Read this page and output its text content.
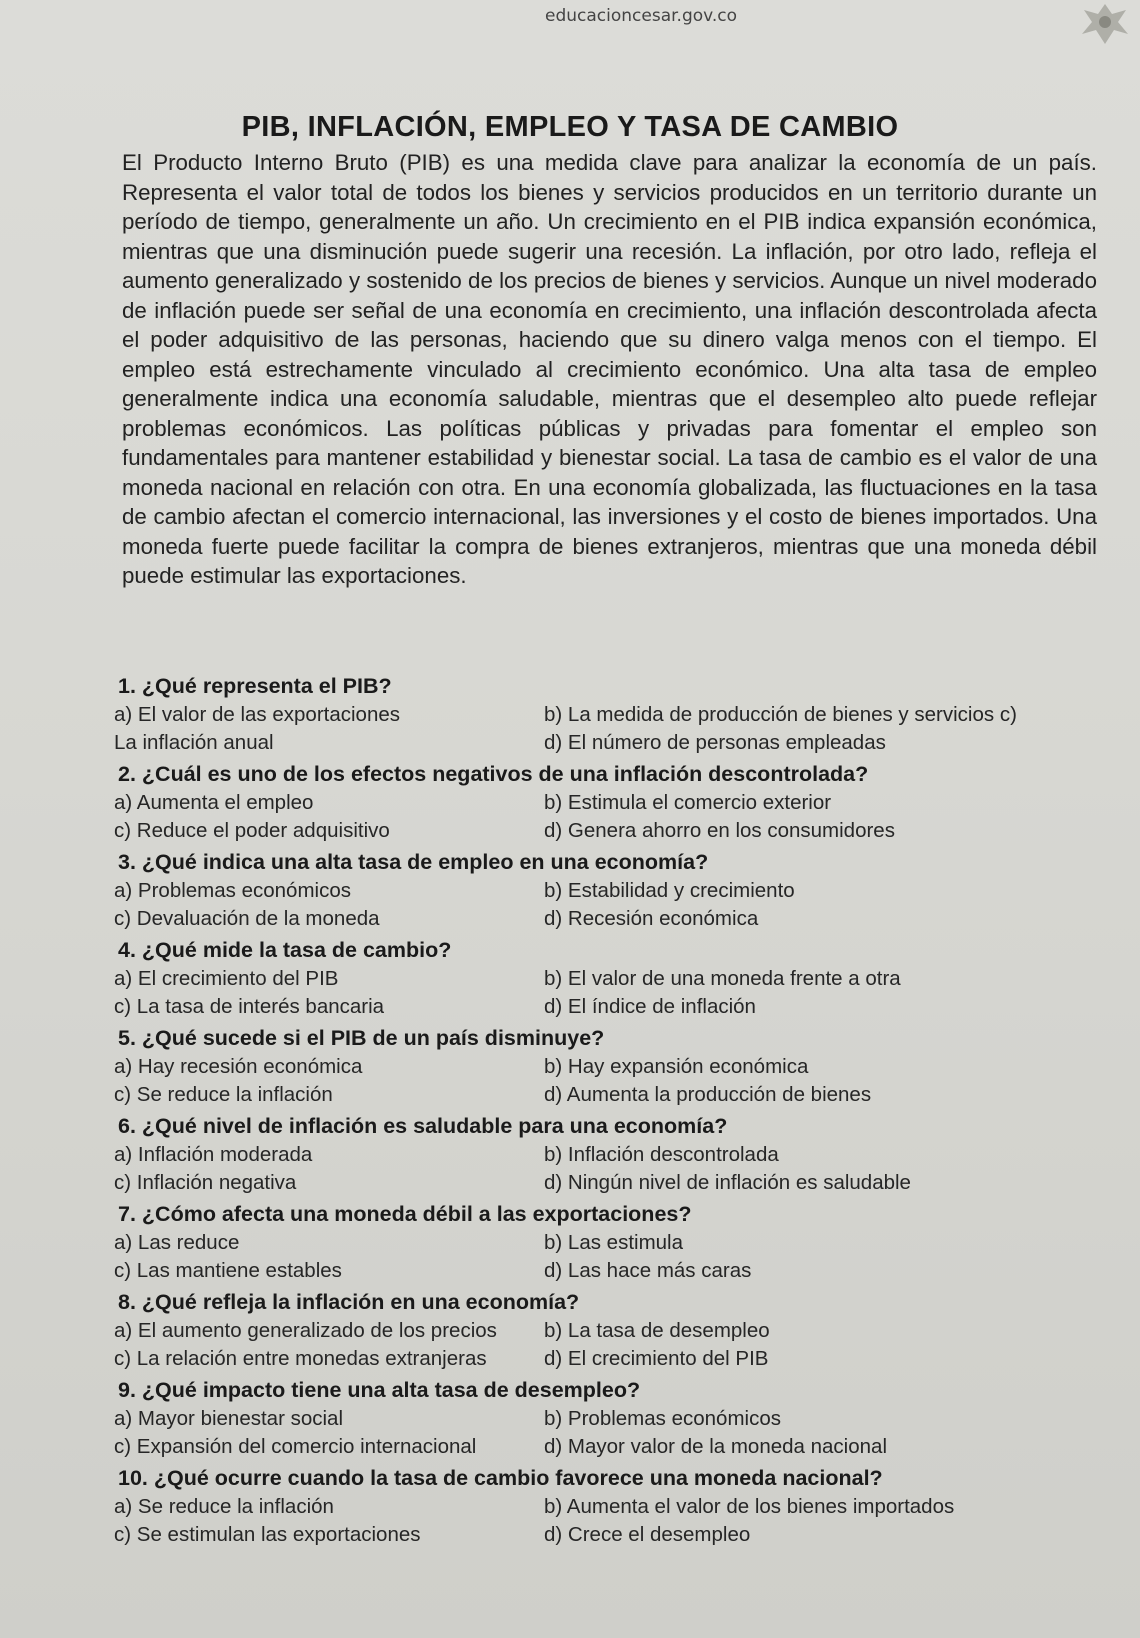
educacioncesar.gov.co
PIB, INFLACIÓN, EMPLEO Y TASA DE CAMBIO
El Producto Interno Bruto (PIB) es una medida clave para analizar la economía de un país. Representa el valor total de todos los bienes y servicios producidos en un territorio durante un período de tiempo, generalmente un año. Un crecimiento en el PIB indica expansión económica, mientras que una disminución puede sugerir una recesión. La inflación, por otro lado, refleja el aumento generalizado y sostenido de los precios de bienes y servicios. Aunque un nivel moderado de inflación puede ser señal de una economía en crecimiento, una inflación descontrolada afecta el poder adquisitivo de las personas, haciendo que su dinero valga menos con el tiempo. El empleo está estrechamente vinculado al crecimiento económico. Una alta tasa de empleo generalmente indica una economía saludable, mientras que el desempleo alto puede reflejar problemas económicos. Las políticas públicas y privadas para fomentar el empleo son fundamentales para mantener estabilidad y bienestar social. La tasa de cambio es el valor de una moneda nacional en relación con otra. En una economía globalizada, las fluctuaciones en la tasa de cambio afectan el comercio internacional, las inversiones y el costo de bienes importados. Una moneda fuerte puede facilitar la compra de bienes extranjeros, mientras que una moneda débil puede estimular las exportaciones.
1. ¿Qué representa el PIB?
a) El valor de las exportaciones	b) La medida de producción de bienes y servicios c)
La inflación anual	d) El número de personas empleadas
2. ¿Cuál es uno de los efectos negativos de una inflación descontrolada?
a) Aumenta el empleo	b) Estimula el comercio exterior
c) Reduce el poder adquisitivo	d) Genera ahorro en los consumidores
3. ¿Qué indica una alta tasa de empleo en una economía?
a) Problemas económicos	b) Estabilidad y crecimiento
c) Devaluación de la moneda	d) Recesión económica
4. ¿Qué mide la tasa de cambio?
a) El crecimiento del PIB	b) El valor de una moneda frente a otra
c) La tasa de interés bancaria	d) El índice de inflación
5. ¿Qué sucede si el PIB de un país disminuye?
a) Hay recesión económica	b) Hay expansión económica
c) Se reduce la inflación	d) Aumenta la producción de bienes
6. ¿Qué nivel de inflación es saludable para una economía?
a) Inflación moderada	b) Inflación descontrolada
c) Inflación negativa	d) Ningún nivel de inflación es saludable
7. ¿Cómo afecta una moneda débil a las exportaciones?
a) Las reduce	b) Las estimula
c) Las mantiene estables	d) Las hace más caras
8. ¿Qué refleja la inflación en una economía?
a) El aumento generalizado de los precios	b) La tasa de desempleo
c) La relación entre monedas extranjeras	d) El crecimiento del PIB
9. ¿Qué impacto tiene una alta tasa de desempleo?
a) Mayor bienestar social	b) Problemas económicos
c) Expansión del comercio internacional	d) Mayor valor de la moneda nacional
10. ¿Qué ocurre cuando la tasa de cambio favorece una moneda nacional?
a) Se reduce la inflación	b) Aumenta el valor de los bienes importados
c) Se estimulan las exportaciones	d) Crece el desempleo
